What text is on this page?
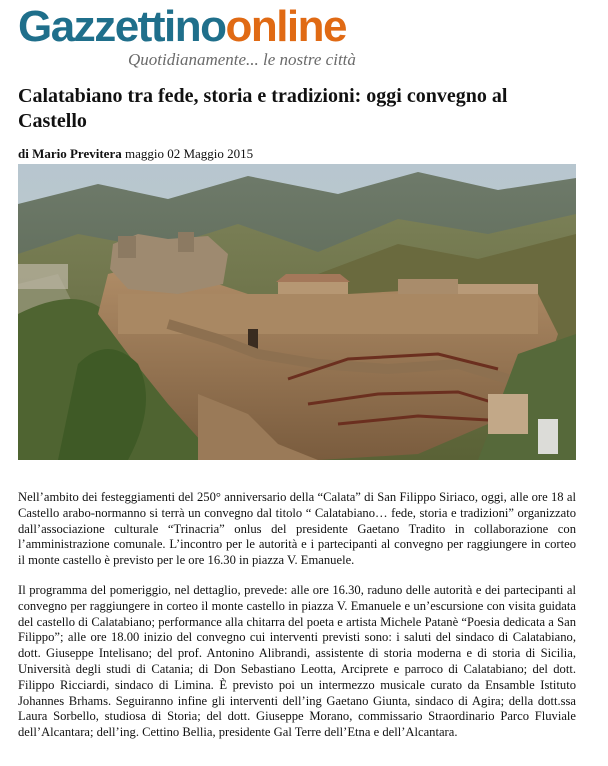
Gazzettinoonline
Quotidianamente... le nostre città
Calatabiano tra fede, storia e tradizioni: oggi convegno al Castello
di Mario Previtera maggio 02 Maggio 2015

Nell’ambito dei festeggiamenti del 250° anniversario della “Calata” di San Filippo Siriaco, oggi, alle ore 18 al Castello arabo-normanno si terrà un convegno dal titolo “ Calatabiano… fede, storia e tradizioni” organizzato dall’associazione culturale “Trinacria” onlus del presidente Gaetano Tradito in collaborazione con l’amministrazione comunale. L’incontro per le autorità e i partecipanti al convegno per raggiungere in corteo il monte castello è previsto per le ore 16.30 in piazza V. Emanuele.

Il programma del pomeriggio, nel dettaglio, prevede: alle ore 16.30, raduno delle autorità e dei partecipanti al convegno per raggiungere in corteo il monte castello in piazza V. Emanuele e un’escursione con visita guidata del castello di Calatabiano; performance alla chitarra del poeta e artista Michele Patanè “Poesia dedicata a San Filippo”; alle ore 18.00 inizio del convegno cui interventi previsti sono: i saluti del sindaco di Calatabiano, dott. Giuseppe Intelisano; del prof. Antonino Alibrandi, assistente di storia moderna e di storia di Sicilia, Università degli studi di Catania; di Don Sebastiano Leotta, Arciprete e parroco di Calatabiano; del dott. Filippo Ricciardi, sindaco di Limina. È previsto poi un intermezzo musicale curato da Ensamble Istituto Johannes Brhams. Seguiranno infine gli interventi dell’ing Gaetano Giunta, sindaco di Agira; della dott.ssa Laura Sorbello, studiosa di Storia; del dott. Giuseppe Morano, commissario Straordinario Parco Fluviale dell’Alcantara; dell’ing. Cettino Bellia, presidente Gal Terre dell’Etna e dell’Alcantara.
